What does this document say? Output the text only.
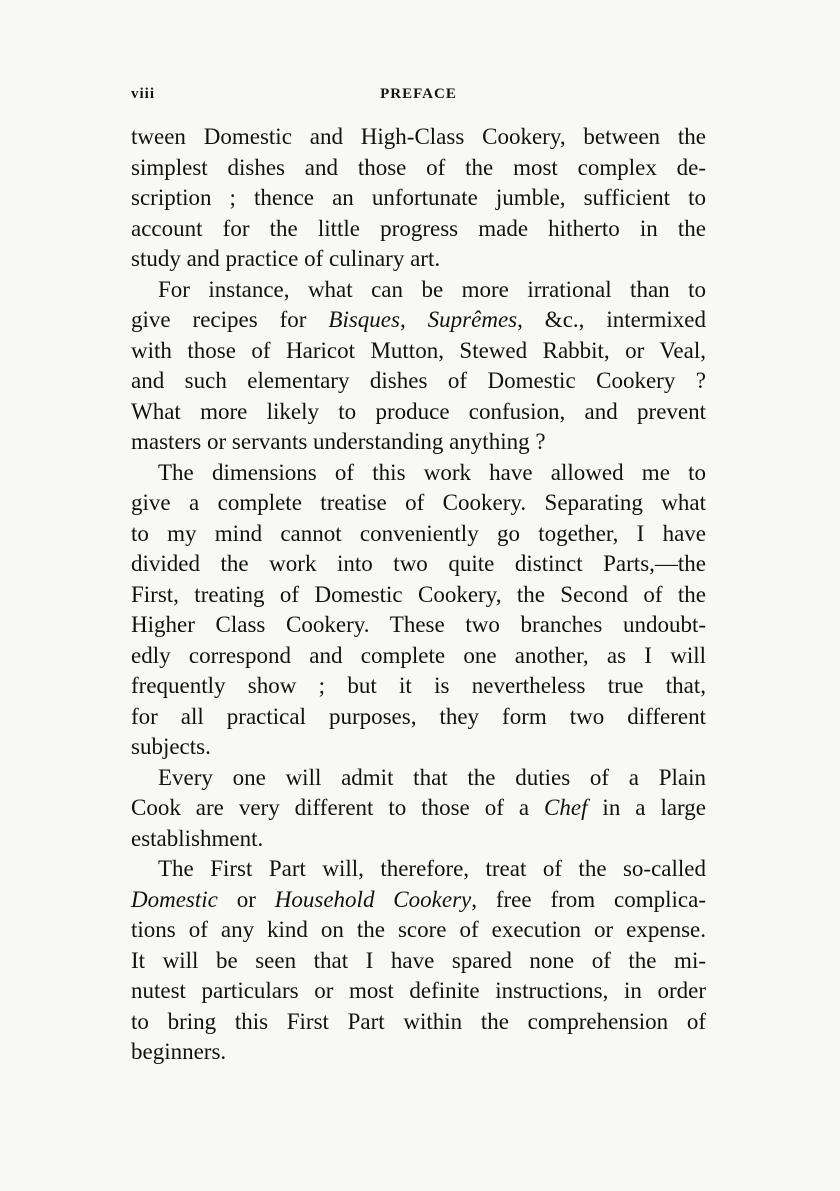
viii	PREFACE

tween Domestic and High-Class Cookery, between the
simplest dishes and those of the most complex de-
scription ; thence an unfortunate jumble, sufficient to
account for the little progress made hitherto in the
study and practice of culinary art.

For instance, what can be more irrational than to
give recipes for Bisques, Suprêmes, &c., intermixed
with those of Haricot Mutton, Stewed Rabbit, or Veal,
and such elementary dishes of Domestic Cookery ?
What more likely to produce confusion, and prevent
masters or servants understanding anything ?

The dimensions of this work have allowed me to
give a complete treatise of Cookery. Separating what
to my mind cannot conveniently go together, I have
divided the work into two quite distinct Parts,—the
First, treating of Domestic Cookery, the Second of the
Higher Class Cookery. These two branches undoubt-
edly correspond and complete one another, as I will
frequently show ; but it is nevertheless true that,
for all practical purposes, they form two different
subjects.

Every one will admit that the duties of a Plain
Cook are very different to those of a Chef in a large
establishment.

The First Part will, therefore, treat of the so-called
Domestic or Household Cookery, free from complica-
tions of any kind on the score of execution or expense.
It will be seen that I have spared none of the mi-
nutest particulars or most definite instructions, in order
to bring this First Part within the comprehension of
beginners.
